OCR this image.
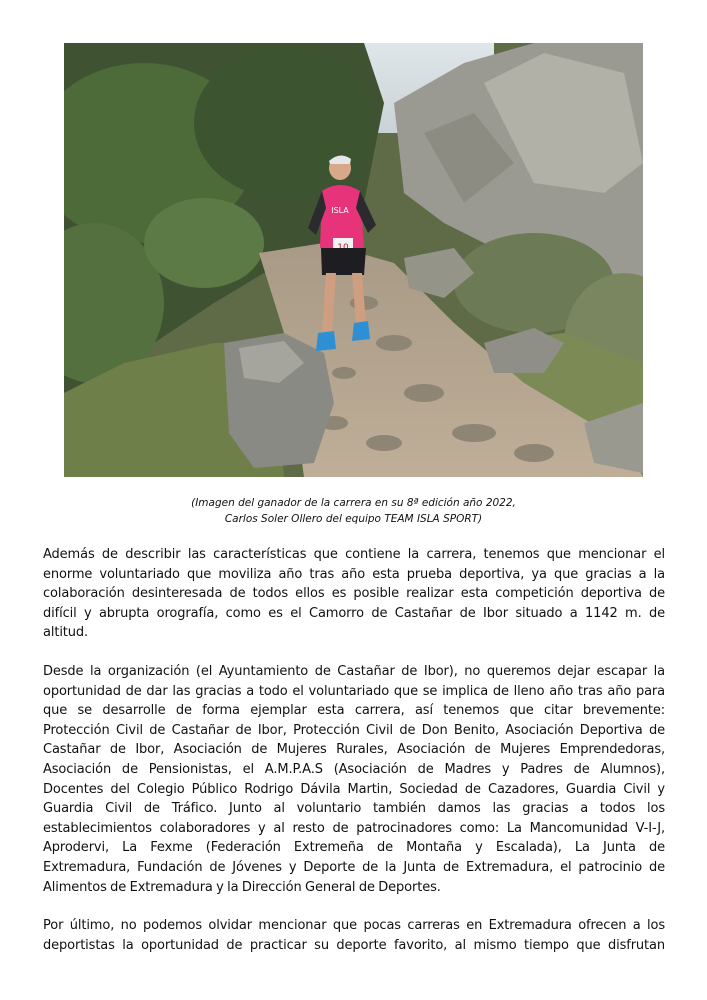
ISLA
(Imagen del ganador de la carrera en su 8ª edición año 2022,
Carlos Soler Ollero del equipo TEAM ISLA SPORT)

Además de describir las características que contiene la carrera, tenemos que mencionar el
enorme voluntariado que moviliza año tras año esta prueba deportiva, ya que gracias a la
colaboración desinteresada de todos ellos es posible realizar esta competición deportiva de
difícil y abrupta orografía, como es el Camorro de Castañar de Ibor situado a 1142 m. de
altitud.

Desde la organización (el Ayuntamiento de Castañar de Ibor), no queremos dejar escapar la
oportunidad de dar las gracias a todo el voluntariado que se implica de lleno año tras año para
que se desarrolle de forma ejemplar esta carrera, así tenemos que citar brevemente:
Protección Civil de Castañar de Ibor, Protección Civil de Don Benito, Asociación Deportiva de
Castañar de Ibor, Asociación de Mujeres Rurales, Asociación de Mujeres Emprendedoras,
Asociación de Pensionistas, el A.M.P.A.S (Asociación de Madres y Padres de Alumnos),
Docentes del Colegio Público Rodrigo Dávila Martin, Sociedad de Cazadores, Guardia Civil y
Guardia Civil de Tráfico. Junto al voluntario también damos las gracias a todos los
establecimientos colaboradores y al resto de patrocinadores como: La Mancomunidad V-I-J,
Aprodervi, La Fexme (Federación Extremeña de Montaña y Escalada), La Junta de
Extremadura, Fundación de Jóvenes y Deporte de la Junta de Extremadura, el patrocinio de
Alimentos de Extremadura y la Dirección General de Deportes.

Por último, no podemos olvidar mencionar que pocas carreras en Extremadura ofrecen a los
deportistas la oportunidad de practicar su deporte favorito, al mismo tiempo que disfrutan
